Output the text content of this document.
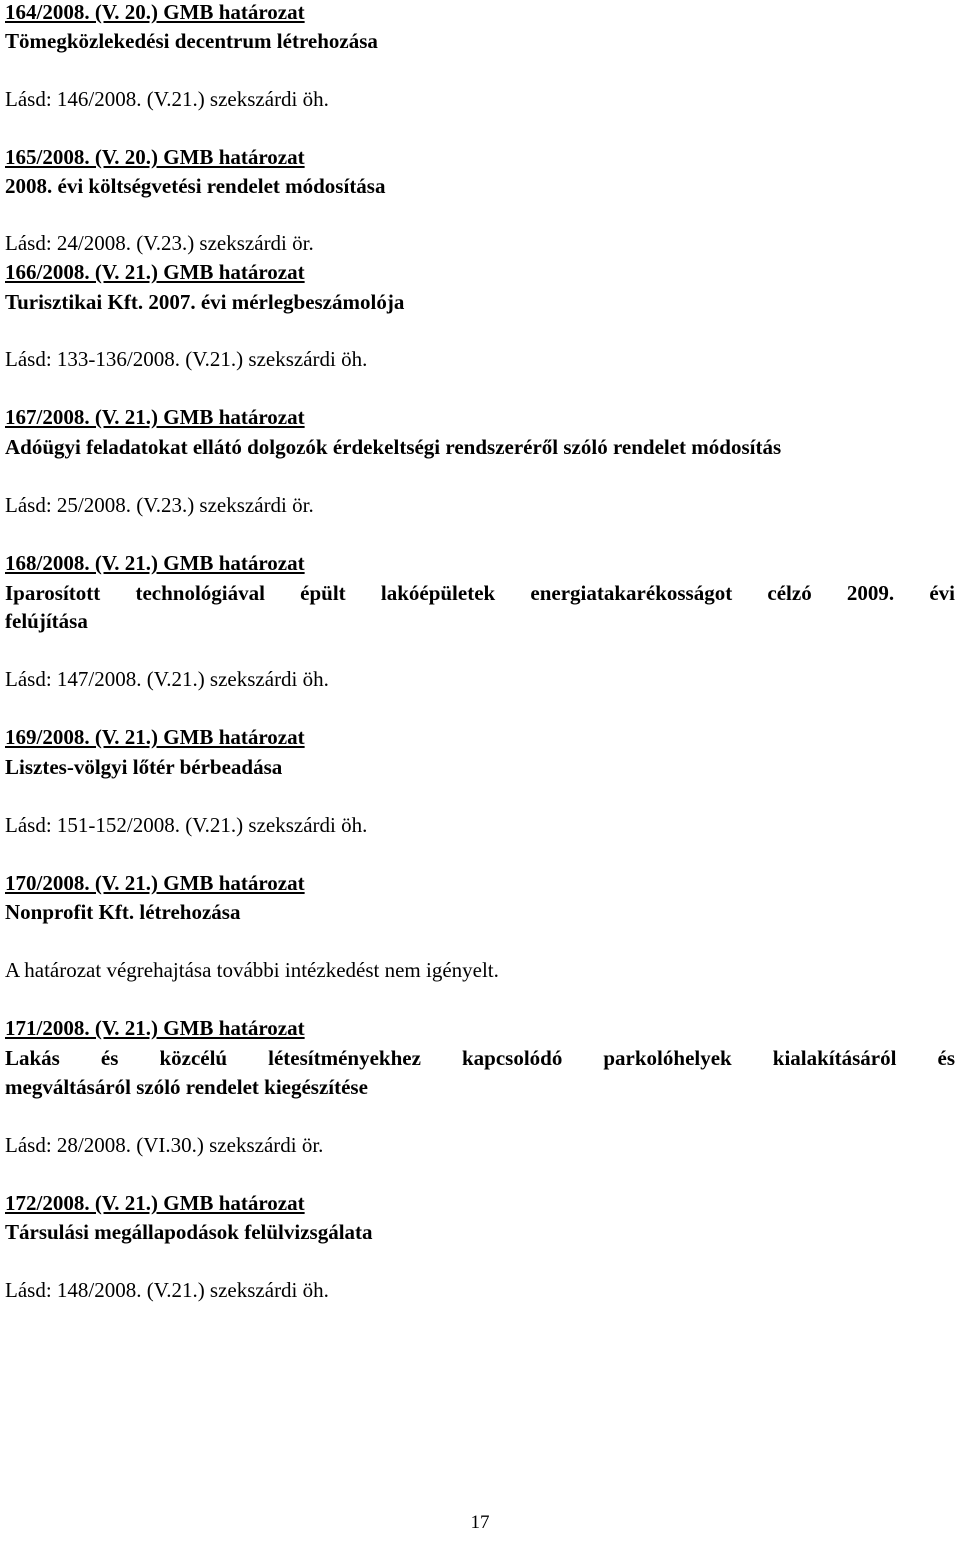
164/2008. (V. 20.) GMB határozat

Tömegközlekedési decentrum létrehozása

Lásd: 146/2008. (V.21.) szekszárdi öh.

165/2008. (V. 20.) GMB határozat

2008. évi költségvetési rendelet módosítása

Lásd: 24/2008. (V.23.) szekszárdi ör.

166/2008. (V. 21.) GMB határozat

Turisztikai Kft. 2007. évi mérlegbeszámolója

Lásd: 133-136/2008. (V.21.) szekszárdi öh.

167/2008. (V. 21.) GMB határozat

Adóügyi feladatokat ellátó dolgozók érdekeltségi rendszeréről szóló rendelet módosítás

Lásd: 25/2008. (V.23.) szekszárdi ör.

168/2008. (V. 21.) GMB határozat

Iparosított technológiával épült lakóépületek energiatakarékosságot célzó 2009. évi

felújítása

Lásd: 147/2008. (V.21.) szekszárdi öh.

169/2008. (V. 21.) GMB határozat

Lisztes-völgyi lőtér bérbeadása

Lásd: 151-152/2008. (V.21.) szekszárdi öh.

170/2008. (V. 21.) GMB határozat

Nonprofit Kft. létrehozása

A határozat végrehajtása további intézkedést nem igényelt.

171/2008. (V. 21.) GMB határozat

Lakás és közcélú létesítményekhez kapcsolódó parkolóhelyek kialakításáról és

megváltásáról szóló rendelet kiegészítése

Lásd: 28/2008. (VI.30.) szekszárdi ör.

172/2008. (V. 21.) GMB határozat

Társulási megállapodások felülvizsgálata

Lásd: 148/2008. (V.21.) szekszárdi öh.

17
